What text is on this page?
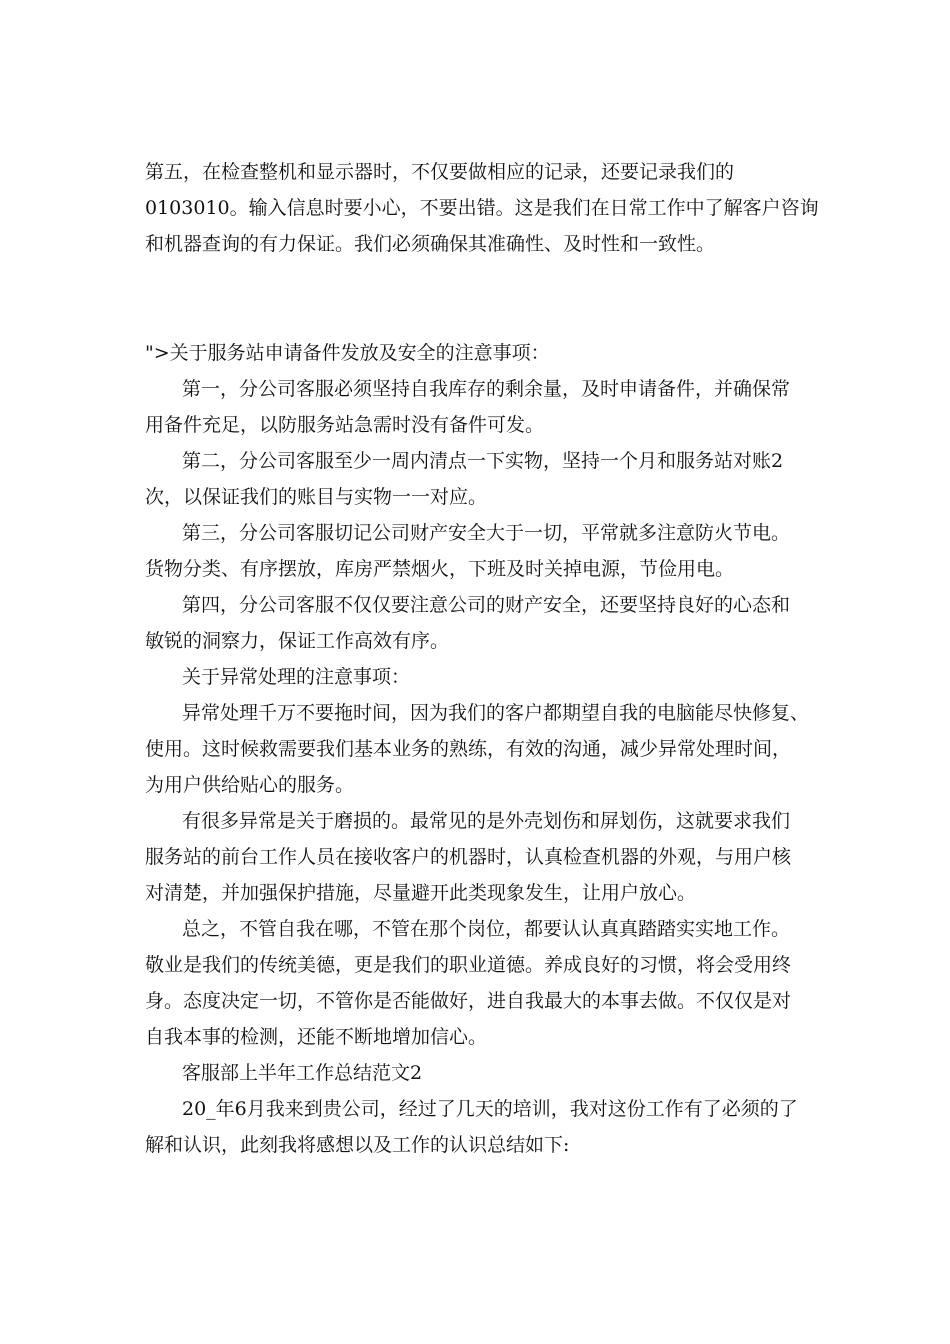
第五，在检查整机和显示器时，不仅要做相应的记录，还要记录我们的

0103010。输入信息时要小心，不要出错。这是我们在日常工作中了解客户咨询

和机器查询的有力保证。我们必须确保其准确性、及时性和一致性。

">关于服务站申请备件发放及安全的注意事项：

第一，分公司客服必须坚持自我库存的剩余量，及时申请备件，并确保常

用备件充足，以防服务站急需时没有备件可发。

第二，分公司客服至少一周内清点一下实物，坚持一个月和服务站对账2

次，以保证我们的账目与实物一一对应。

第三，分公司客服切记公司财产安全大于一切，平常就多注意防火节电。

货物分类、有序摆放，库房严禁烟火，下班及时关掉电源，节俭用电。

第四，分公司客服不仅仅要注意公司的财产安全，还要坚持良好的心态和

敏锐的洞察力，保证工作高效有序。

关于异常处理的注意事项：

异常处理千万不要拖时间，因为我们的客户都期望自我的电脑能尽快修复、

使用。这时候救需要我们基本业务的熟练，有效的沟通，减少异常处理时间，

为用户供给贴心的服务。

有很多异常是关于磨损的。最常见的是外壳划伤和屏划伤，这就要求我们

服务站的前台工作人员在接收客户的机器时，认真检查机器的外观，与用户核

对清楚，并加强保护措施，尽量避开此类现象发生，让用户放心。

总之，不管自我在哪，不管在那个岗位，都要认认真真踏踏实实地工作。

敬业是我们的传统美德，更是我们的职业道德。养成良好的习惯，将会受用终

身。态度决定一切，不管你是否能做好，进自我最大的本事去做。不仅仅是对

自我本事的检测，还能不断地增加信心。

客服部上半年工作总结范文2

20_年6月我来到贵公司，经过了几天的培训，我对这份工作有了必须的了

解和认识，此刻我将感想以及工作的认识总结如下:
